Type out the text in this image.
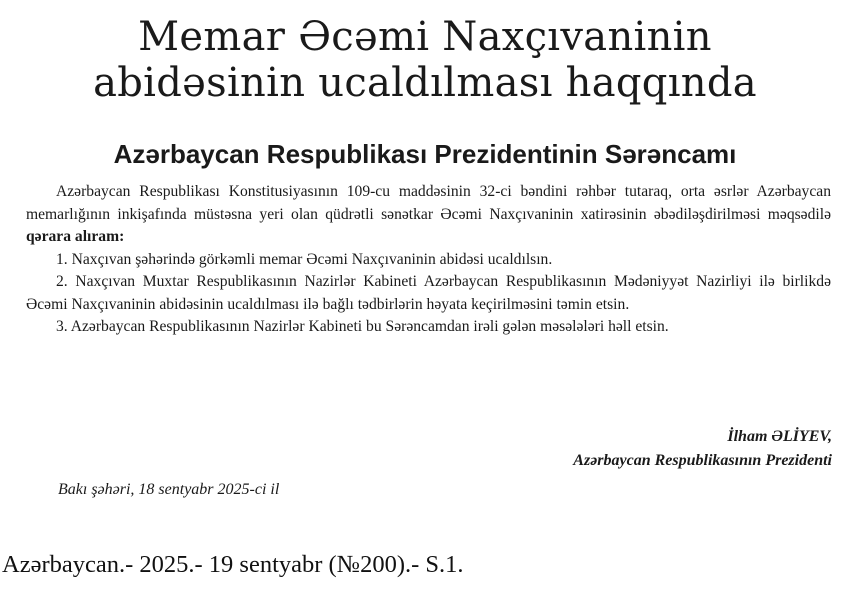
Memar Əcəmi Naxçıvaninin
abidəsinin ucaldılması haqqında
Azərbaycan Respublikası Prezidentinin Sərəncamı

Azərbaycan Respublikası Konstitusiyasının 109-cu maddəsinin 32-ci bəndini rəhbər tutaraq, orta əsrlər Azərbaycan memarlığının inkişafında müstəsna yeri olan qüdrətli sənətkar Əcəmi Naxçıvaninin xatirəsinin əbədiləşdirilməsi məqsədilə qərara alıram:

1. Naxçıvan şəhərində görkəmli memar Əcəmi Naxçıvaninin abidəsi ucaldılsın.

2. Naxçıvan Muxtar Respublikasının Nazirlər Kabineti Azərbaycan Respublikasının Mədəniyyət Nazirliyi ilə birlikdə Əcəmi Naxçıvaninin abidəsinin ucaldılması ilə bağlı tədbirlərin həyata keçirilməsini təmin etsin.

3. Azərbaycan Respublikasının Nazirlər Kabineti bu Sərəncamdan irəli gələn məsələləri həll etsin.

İlham ƏLİYEV,
Azərbaycan Respublikasının Prezidenti
Bakı şəhəri, 18 sentyabr 2025-ci il
Azərbaycan.- 2025.- 19 sentyabr (№200).- S.1.
